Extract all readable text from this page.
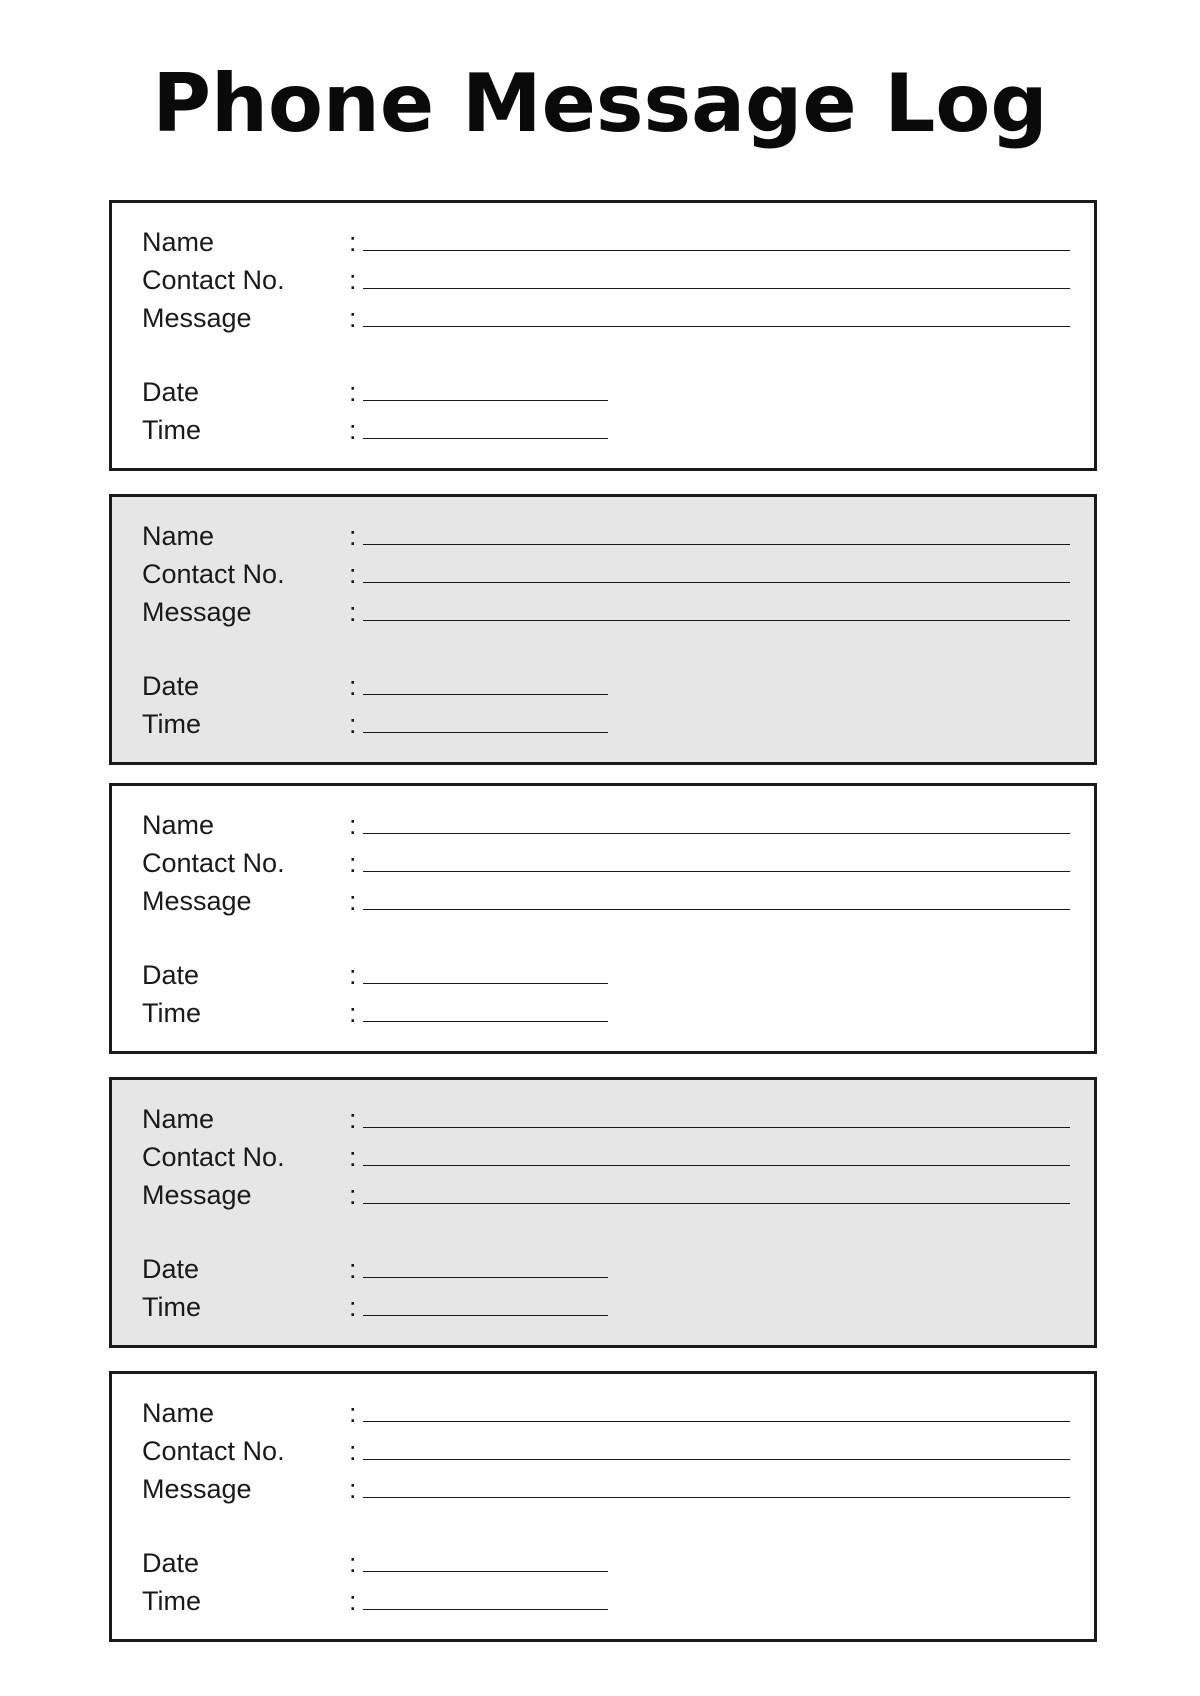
Phone Message Log
Name	:
Contact No. :
Message	:
Date	:
Time	:
Name	:
Contact No. :
Message	:
Date	:
Time	:
Name	:
Contact No. :
Message	:
Date	:
Time	:
Name	:
Contact No. :
Message	:
Date	:
Time	:
Name	:
Contact No. :
Message	:
Date	:
Time	:
